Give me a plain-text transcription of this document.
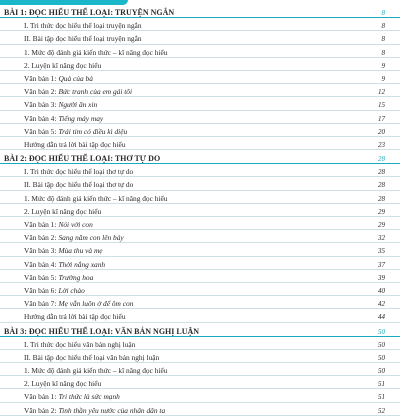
BÀI 1: ĐỌC HIỂU THỂ LOẠI: TRUYỆN NGẮN	8
I. Tri thức đọc hiểu thể loại truyện ngắn	8
II. Bài tập đọc hiểu thể loại truyện ngắn	8
1. Mức độ đánh giá kiến thức – kĩ năng đọc hiểu	8
2. Luyện kĩ năng đọc hiểu	9
Văn bản 1: Quà của bà	9
Văn bản 2: Bức tranh của em gái tôi	12
Văn bản 3: Người ăn xin	15
Văn bản 4: Tiếng máy may	17
Văn bản 5: Trái tim có điều kì diệu	20
Hướng dẫn trả lời bài tập đọc hiểu	23
BÀI 2: ĐỌC HIỂU THỂ LOẠI: THƠ TỰ DO	28
I. Tri thức đọc hiểu thể loại thơ tự do	28
II. Bài tập đọc hiểu thể loại thơ tự do	28
1. Mức độ đánh giá kiến thức – kĩ năng đọc hiểu	28
2. Luyện kĩ năng đọc hiểu	29
Văn bản 1: Nói với con	29
Văn bản 2: Sang năm con lên bảy	32
Văn bản 3: Mùa thu và mẹ	35
Văn bản 4: Thời nắng xanh	37
Văn bản 5: Trường hoa	39
Văn bản 6: Lời chào	40
Văn bản 7: Mẹ vẫn luôn ở để ôm con	42
Hướng dẫn trả lời bài tập đọc hiểu	44
BÀI 3: ĐỌC HIỂU THỂ LOẠI: VĂN BẢN NGHỊ LUẬN	50
I. Tri thức đọc hiểu văn bản nghị luận	50
II. Bài tập đọc hiểu thể loại văn bản nghị luận	50
1. Mức độ đánh giá kiến thức – kĩ năng đọc hiểu	50
2. Luyện kĩ năng đọc hiểu	51
Văn bản 1: Tri thức là sức mạnh	51
Văn bản 2: Tinh thần yêu nước của nhân dân ta	52
